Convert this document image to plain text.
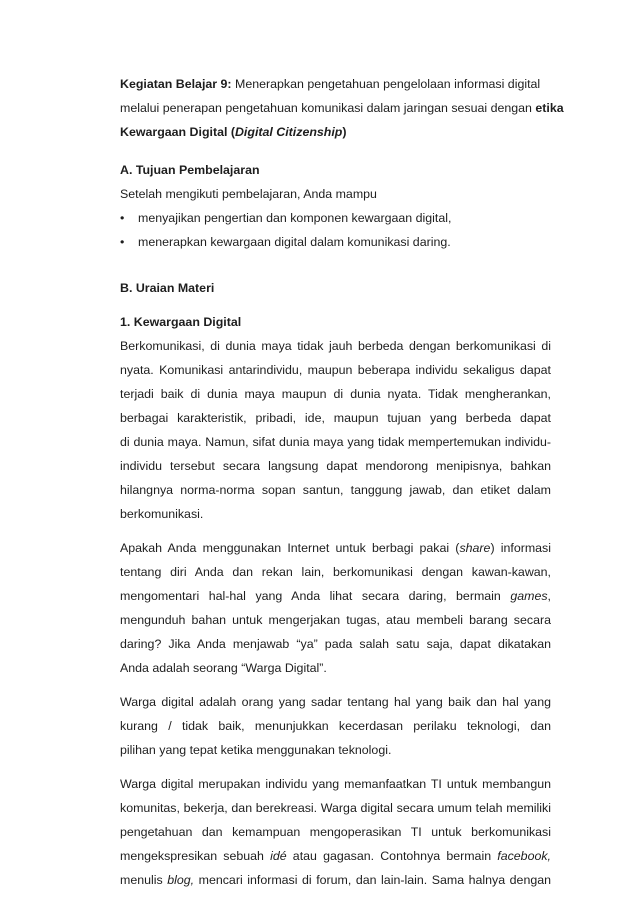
Kegiatan Belajar 9: Menerapkan pengetahuan pengelolaan informasi digital
melalui penerapan pengetahuan komunikasi dalam jaringan sesuai dengan etika
Kewargaan Digital (Digital Citizenship)
A. Tujuan Pembelajaran
Setelah mengikuti pembelajaran, Anda mampu
• menyajikan pengertian dan komponen kewargaan digital,
• menerapkan kewargaan digital dalam komunikasi daring.
B. Uraian Materi
1. Kewargaan Digital
Berkomunikasi, di dunia maya tidak jauh berbeda dengan berkomunikasi di
nyata. Komunikasi antarindividu, maupun beberapa individu sekaligus dapat
terjadi baik di dunia maya maupun di dunia nyata. Tidak mengherankan,
berbagai karakteristik, pribadi, ide, maupun tujuan yang berbeda dapat
di dunia maya. Namun, sifat dunia maya yang tidak mempertemukan individu-
individu tersebut secara langsung dapat mendorong menipisnya, bahkan
hilangnya norma-norma sopan santun, tanggung jawab, dan etiket dalam
berkomunikasi.
Apakah Anda menggunakan Internet untuk berbagi pakai (share) informasi
tentang diri Anda dan rekan lain, berkomunikasi dengan kawan-kawan,
mengomentari hal-hal yang Anda lihat secara daring, bermain games,
mengunduh bahan untuk mengerjakan tugas, atau membeli barang secara
daring? Jika Anda menjawab “ya” pada salah satu saja, dapat dikatakan
Anda adalah seorang “Warga Digital”.
Warga digital adalah orang yang sadar tentang hal yang baik dan hal yang
kurang / tidak baik, menunjukkan kecerdasan perilaku teknologi, dan
pilihan yang tepat ketika menggunakan teknologi.
Warga digital merupakan individu yang memanfaatkan TI untuk membangun
komunitas, bekerja, dan berekreasi. Warga digital secara umum telah memiliki
pengetahuan dan kemampuan mengoperasikan TI untuk berkomunikasi
mengekspresikan sebuah idé atau gagasan. Contohnya bermain facebook,
menulis blog, mencari informasi di forum, dan lain-lain. Sama halnya dengan
